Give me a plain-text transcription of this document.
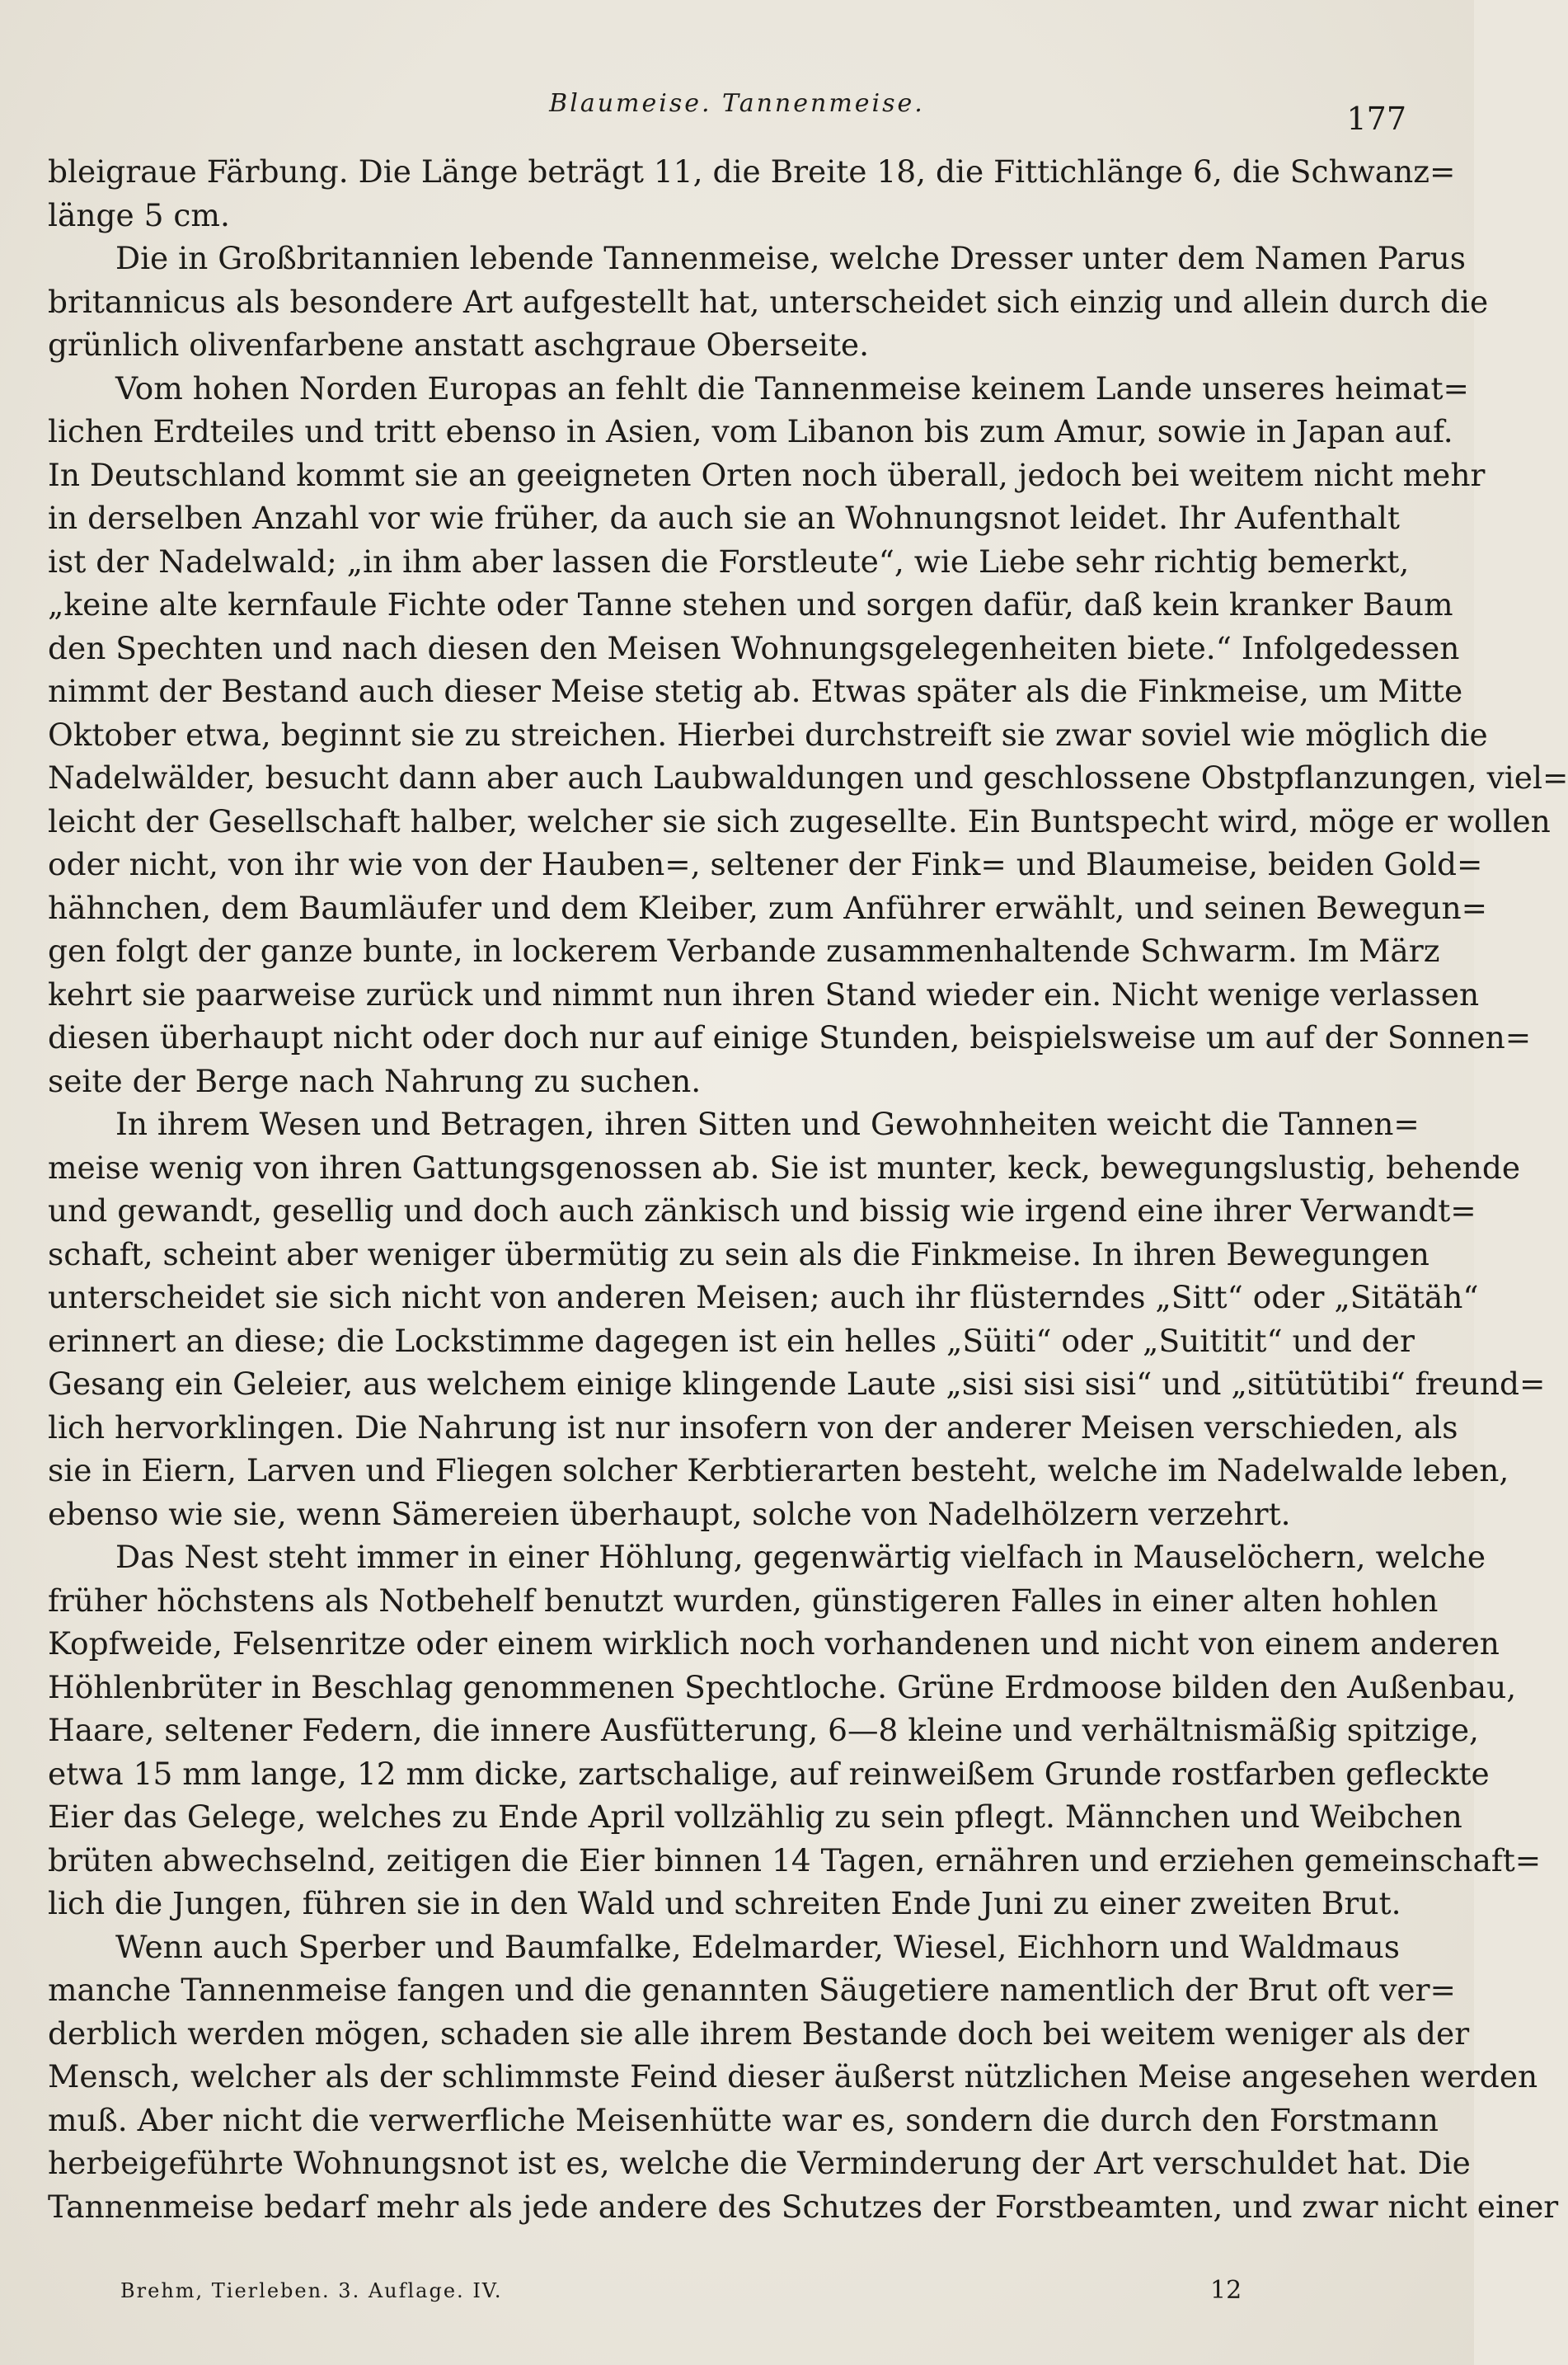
Blaumeise. Tannenmeise.	177
bleigraue Färbung. Die Länge beträgt 11, die Breite 18, die Fittichlänge 6, die Schwanz=
länge 5 cm.
Die in Großbritannien lebende Tannenmeise, welche Dresser unter dem Namen Parus
britannicus als besondere Art aufgestellt hat, unterscheidet sich einzig und allein durch die
grünlich olivenfarbene anstatt aschgraue Oberseite.
Vom hohen Norden Europas an fehlt die Tannenmeise keinem Lande unseres heimat=
lichen Erdteiles und tritt ebenso in Asien, vom Libanon bis zum Amur, sowie in Japan auf.
In Deutschland kommt sie an geeigneten Orten noch überall, jedoch bei weitem nicht mehr
in derselben Anzahl vor wie früher, da auch sie an Wohnungsnot leidet. Ihr Aufenthalt
ist der Nadelwald; „in ihm aber lassen die Forstleute“, wie Liebe sehr richtig bemerkt,
„keine alte kernfaule Fichte oder Tanne stehen und sorgen dafür, daß kein kranker Baum
den Spechten und nach diesen den Meisen Wohnungsgelegenheiten biete.“ Infolgedessen
nimmt der Bestand auch dieser Meise stetig ab. Etwas später als die Finkmeise, um Mitte
Oktober etwa, beginnt sie zu streichen. Hierbei durchstreift sie zwar soviel wie möglich die
Nadelwälder, besucht dann aber auch Laubwaldungen und geschlossene Obstpflanzungen, viel=
leicht der Gesellschaft halber, welcher sie sich zugesellte. Ein Buntspecht wird, möge er wollen
oder nicht, von ihr wie von der Hauben=, seltener der Fink= und Blaumeise, beiden Gold=
hähnchen, dem Baumläufer und dem Kleiber, zum Anführer erwählt, und seinen Bewegun=
gen folgt der ganze bunte, in lockerem Verbande zusammenhaltende Schwarm. Im März
kehrt sie paarweise zurück und nimmt nun ihren Stand wieder ein. Nicht wenige verlassen
diesen überhaupt nicht oder doch nur auf einige Stunden, beispielsweise um auf der Sonnen=
seite der Berge nach Nahrung zu suchen.
In ihrem Wesen und Betragen, ihren Sitten und Gewohnheiten weicht die Tannen=
meise wenig von ihren Gattungsgenossen ab. Sie ist munter, keck, bewegungslustig, behende
und gewandt, gesellig und doch auch zänkisch und bissig wie irgend eine ihrer Verwandt=
schaft, scheint aber weniger übermütig zu sein als die Finkmeise. In ihren Bewegungen
unterscheidet sie sich nicht von anderen Meisen; auch ihr flüsterndes „Sitt“ oder „Sitätäh“
erinnert an diese; die Lockstimme dagegen ist ein helles „Süiti“ oder „Suititit“ und der
Gesang ein Geleier, aus welchem einige klingende Laute „sisi sisi sisi“ und „sitütütibi“ freund=
lich hervorklingen. Die Nahrung ist nur insofern von der anderer Meisen verschieden, als
sie in Eiern, Larven und Fliegen solcher Kerbtierarten besteht, welche im Nadelwalde leben,
ebenso wie sie, wenn Sämereien überhaupt, solche von Nadelhölzern verzehrt.
Das Nest steht immer in einer Höhlung, gegenwärtig vielfach in Mauselöchern, welche
früher höchstens als Notbehelf benutzt wurden, günstigeren Falles in einer alten hohlen
Kopfweide, Felsenritze oder einem wirklich noch vorhandenen und nicht von einem anderen
Höhlenbrüter in Beschlag genommenen Spechtloche. Grüne Erdmoose bilden den Außenbau,
Haare, seltener Federn, die innere Ausfütterung, 6—8 kleine und verhältnismäßig spitzige,
etwa 15 mm lange, 12 mm dicke, zartschalige, auf reinweißem Grunde rostfarben gefleckte
Eier das Gelege, welches zu Ende April vollzählig zu sein pflegt. Männchen und Weibchen
brüten abwechselnd, zeitigen die Eier binnen 14 Tagen, ernähren und erziehen gemeinschaft=
lich die Jungen, führen sie in den Wald und schreiten Ende Juni zu einer zweiten Brut.
Wenn auch Sperber und Baumfalke, Edelmarder, Wiesel, Eichhorn und Waldmaus
manche Tannenmeise fangen und die genannten Säugetiere namentlich der Brut oft ver=
derblich werden mögen, schaden sie alle ihrem Bestande doch bei weitem weniger als der
Mensch, welcher als der schlimmste Feind dieser äußerst nützlichen Meise angesehen werden
muß. Aber nicht die verwerfliche Meisenhütte war es, sondern die durch den Forstmann
herbeigeführte Wohnungsnot ist es, welche die Verminderung der Art verschuldet hat. Die
Tannenmeise bedarf mehr als jede andere des Schutzes der Forstbeamten, und zwar nicht einer
Brehm, Tierleben. 3. Auflage. IV.	12
